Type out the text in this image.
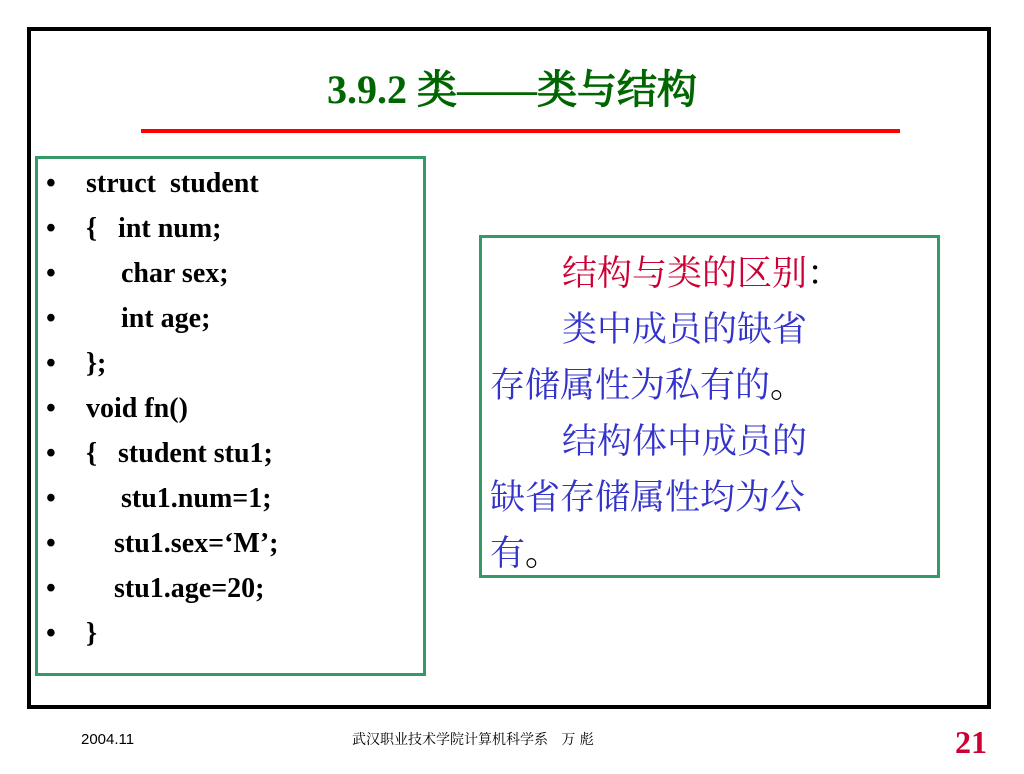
3.9.2 类——类与结构

•

struct  student

•

{   int num;

•

char sex;

•

int age;

•

};

•

void fn()

•

{   student stu1;

•

stu1.num=1;

•

stu1.sex=‘M’;

•

stu1.age=20;

•

}

结构与类的区别：
类中成员的缺省
存储属性为私有的。
结构体中成员的
缺省存储属性均为公
有。
2004.11	武汉职业技术学院计算机科学系   万 彪	21
